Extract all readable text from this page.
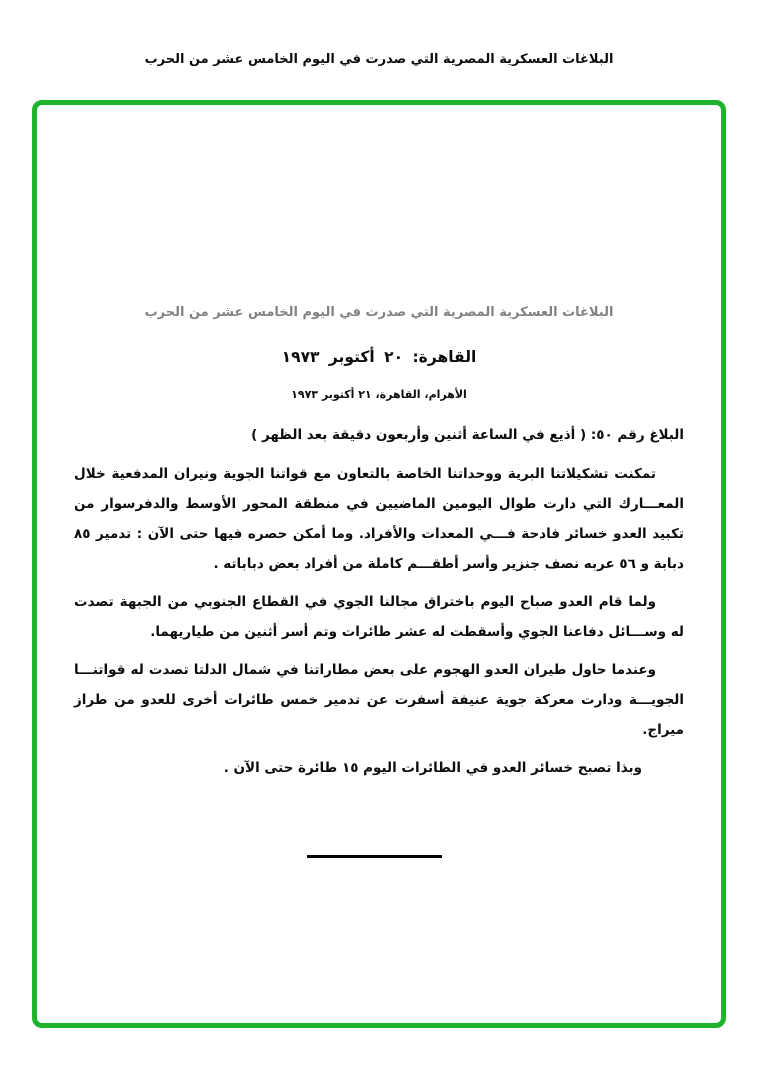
البلاغات العسكرية المصرية التي صدرت في اليوم الخامس عشر من الحرب
البلاغات العسكرية المصرية التي صدرت في اليوم الخامس عشر من الحرب
القاهرة: ٢٠ أكتوبر ١٩٧٣
الأهرام، القاهرة، ٢١ أكتوبر ١٩٧٣
البلاغ رقم ٥٠: ( أذيع في الساعة أثنين وأربعون دقيقة بعد الظهر )

تمكنت تشكيلاتنا البرية ووحداتنا الخاصة بالتعاون مع قواتنا الجوية ونيران المدفعية خلال المعـــارك التي دارت طوال اليومين الماضيين في منطقة المحور الأوسط والدفرسوار من تكبيد العدو خسائر فادحة فـــي المعدات والأفراد. وما أمكن حصره فيها حتى الآن : تدمير ٨٥ دبابة و ٥٦ عربه نصف جنزير وأسر أطقـــم كاملة من أفراد بعض دباباته .

ولما قام العدو صباح اليوم باختراق مجالنا الجوي في القطاع الجنوبي من الجبهة تصدت له وســـائل دفاعنا الجوي وأسقطت له عشر طائرات وتم أسر أثنين من طياريهما.

وعندما حاول طيران العدو الهجوم على بعض مطاراتنا في شمال الدلتا تصدت له قواتنـــا الجويـــة ودارت معركة جوية عنيفة أسفرت عن تدمير خمس طائرات أخرى للعدو من طراز ميراج.

وبذا تصبح خسائر العدو في الطائرات اليوم ١٥ طائرة حتى الآن .
